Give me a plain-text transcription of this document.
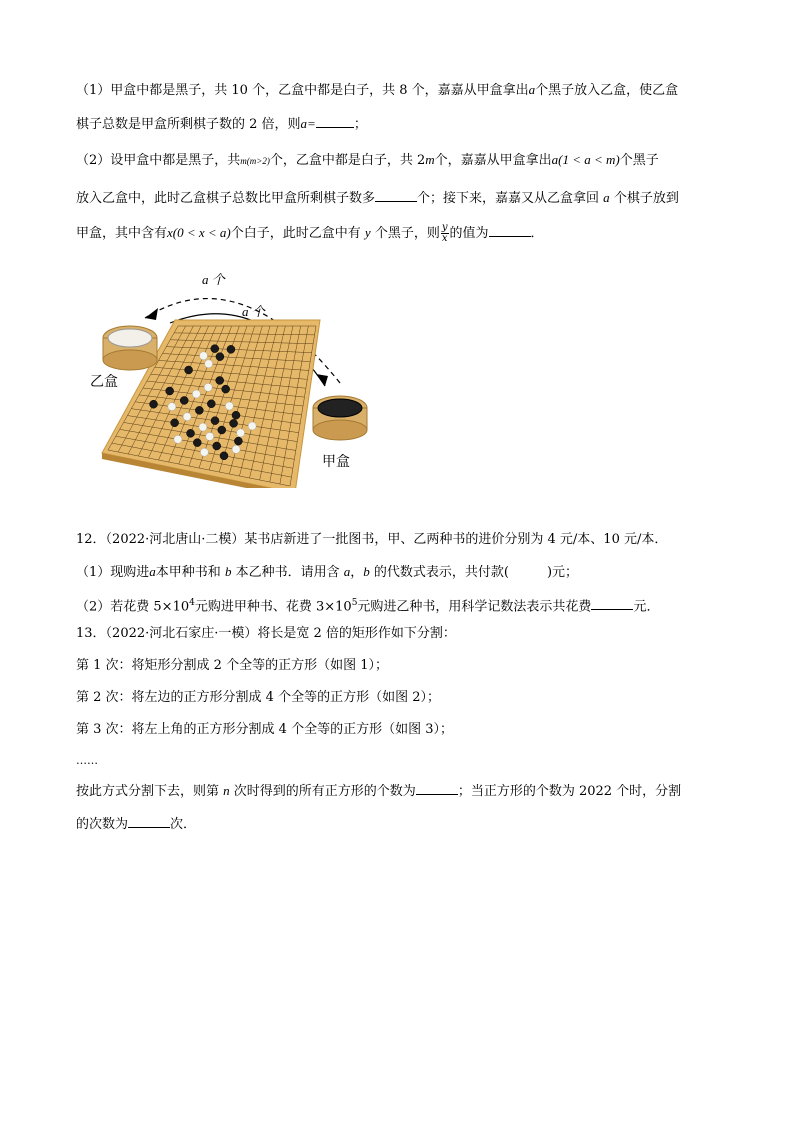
（1）甲盒中都是黑子，共 10 个，乙盒中都是白子，共 8 个，嘉嘉从甲盒拿出a个黑子放入乙盒，使乙盒
棋子总数是甲盒所剩棋子数的 2 倍，则a=	；
（2）设甲盒中都是黑子，共m(m>2)个，乙盒中都是白子，共 2m个，嘉嘉从甲盒拿出a(1 < a < m)个黑子
放入乙盒中，此时乙盒棋子总数比甲盒所剩棋子数多	个；接下来，嘉嘉又从乙盒拿回 a 个棋子放到
甲盒，其中含有x(0 < x < a)个白子，此时乙盒中有 y 个黑子，则 $\frac{y}{x}$ 的值为	．
a 个
a 个
乙盒
甲盒
12．（2022·河北唐山·二模）某书店新进了一批图书，甲、乙两种书的进价分别为 4 元/本、10 元/本．
（1）现购进a本甲种书和 b 本乙种书．请用含 a，b 的代数式表示，共付款(	)元；
（2）若花费 $5\times 10^4$元购进甲种书、花费 $3\times 10^5$元购进乙种书，用科学记数法表示共花费	元．
13．（2022·河北石家庄·一模）将长是宽 2 倍的矩形作如下分割：
第 1 次：将矩形分割成 2 个全等的正方形（如图 1）；
第 2 次：将左边的正方形分割成 4 个全等的正方形（如图 2）；
第 3 次：将左上角的正方形分割成 4 个全等的正方形（如图 3）；
……
按此方式分割下去，则第 n 次时得到的所有正方形的个数为	；当正方形的个数为 2022 个时，分割
的次数为	次．
